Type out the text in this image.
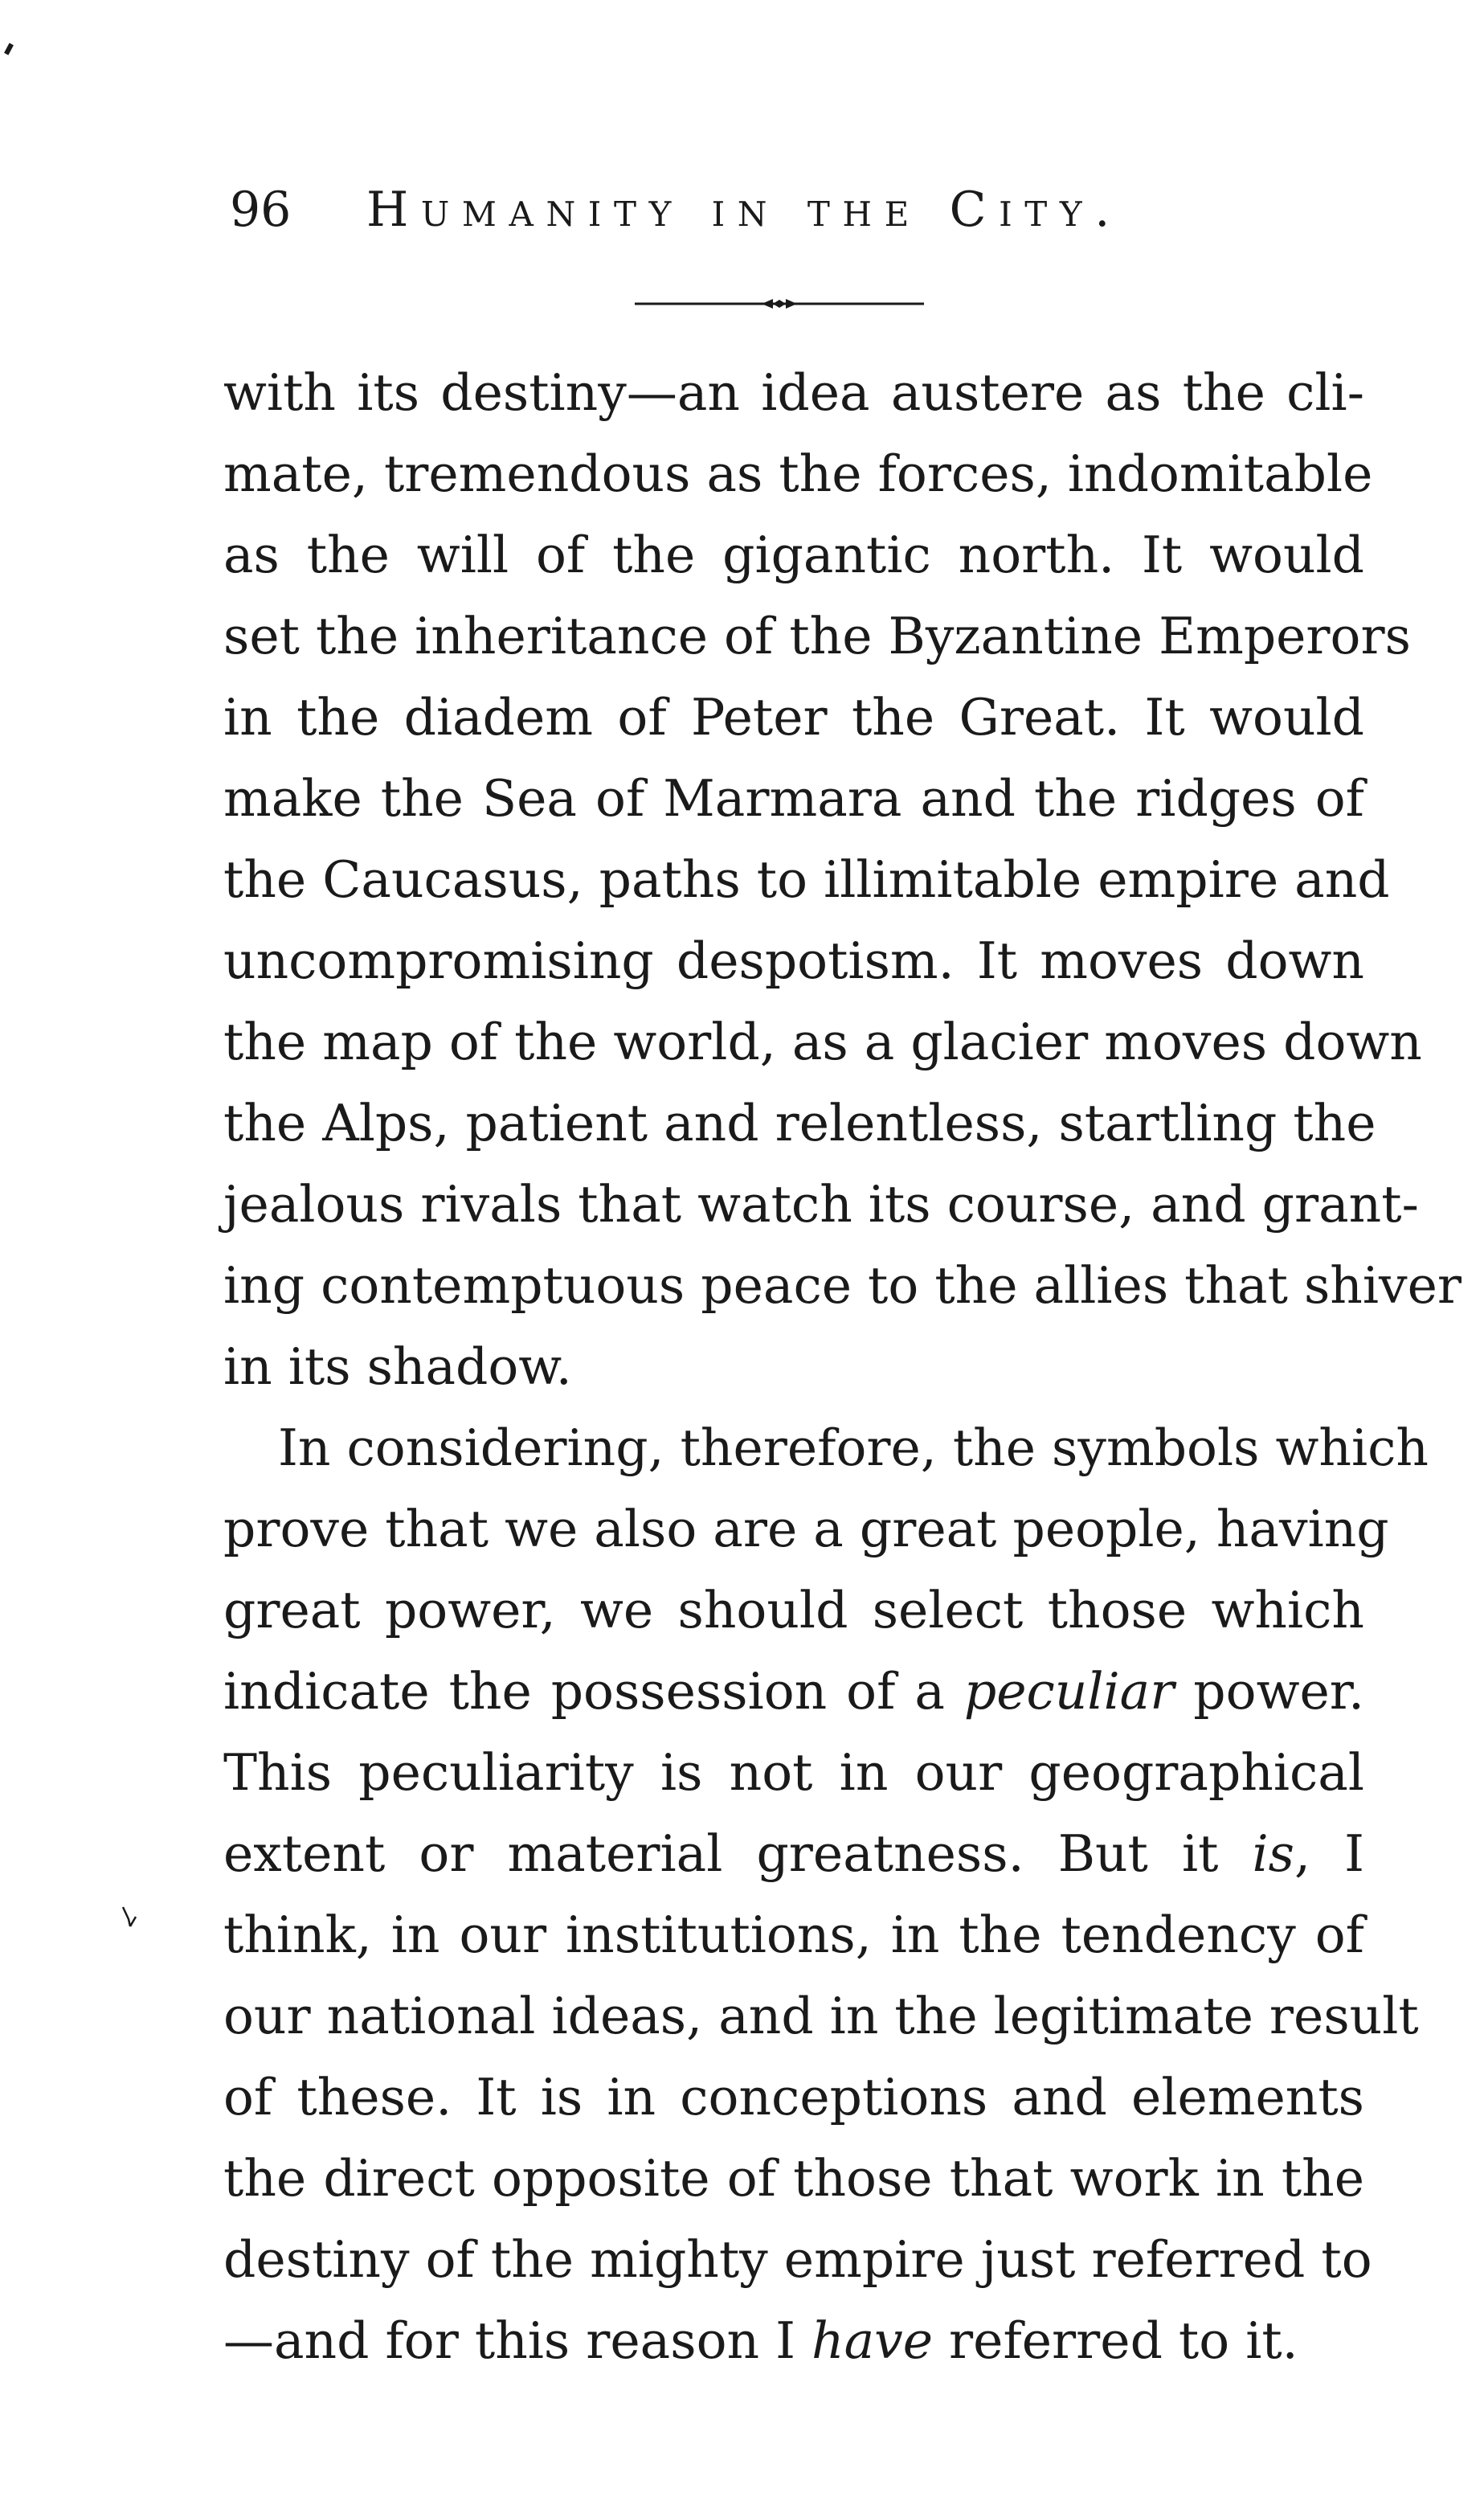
96 Humanity in the City.
with its destiny—an idea austere as the cli-
mate, tremendous as the forces, indomitable
as the will of the gigantic north. It would
set the inheritance of the Byzantine Emperors
in the diadem of Peter the Great. It would
make the Sea of Marmara and the ridges of
the Caucasus, paths to illimitable empire and
uncompromising despotism. It moves down
the map of the world, as a glacier moves down
the Alps, patient and relentless, startling the
jealous rivals that watch its course, and grant-
ing contemptuous peace to the allies that shiver
in its shadow.
In considering, therefore, the symbols which
prove that we also are a great people, having
great power, we should select those which
indicate the possession of a peculiar power.
This peculiarity is not in our geographical
extent or material greatness. But it is, I
think, in our institutions, in the tendency of
our national ideas, and in the legitimate result
of these. It is in conceptions and elements
the direct opposite of those that work in the
destiny of the mighty empire just referred to
—and for this reason I have referred to it.
